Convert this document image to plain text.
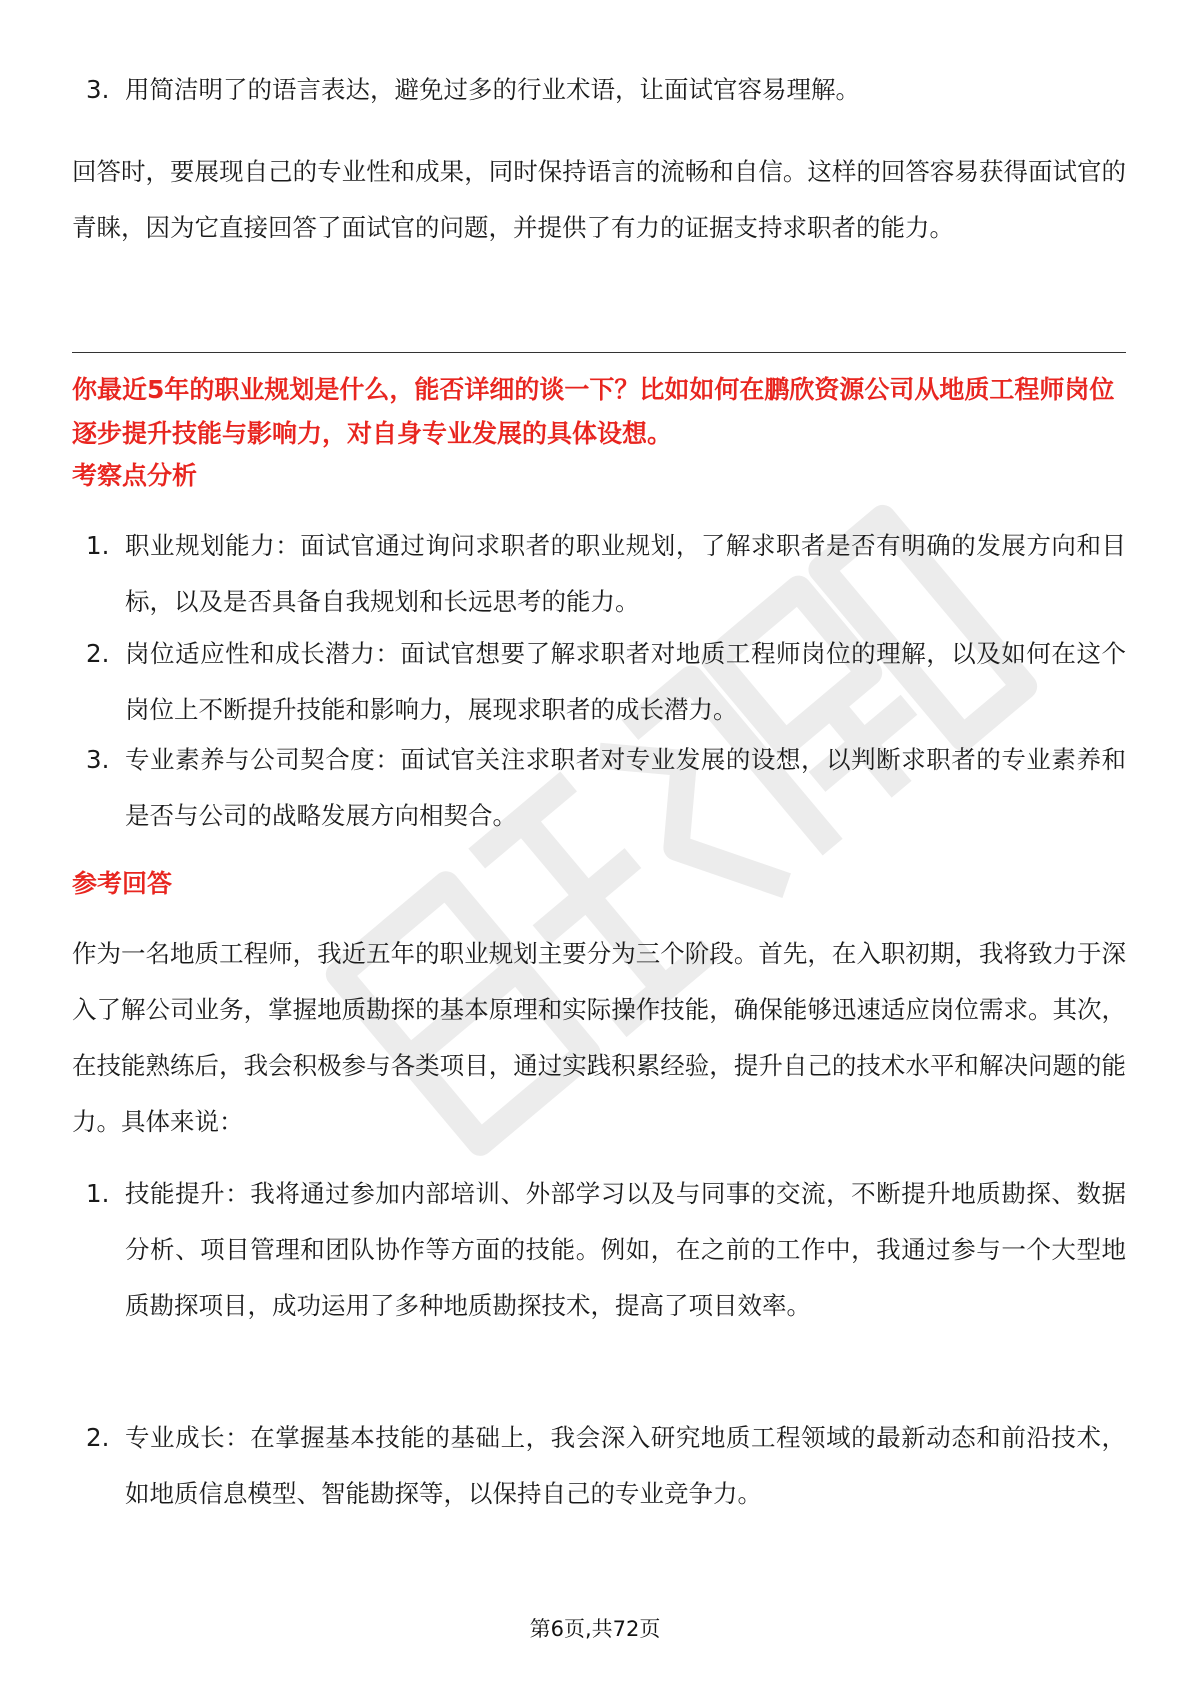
3. 用简洁明了的语言表达，避免过多的行业术语，让面试官容易理解。
回答时，要展现自己的专业性和成果，同时保持语言的流畅和自信。这样的回答容易获得面试官的青睐，因为它直接回答了面试官的问题，并提供了有力的证据支持求职者的能力。
你最近5年的职业规划是什么，能否详细的谈一下？比如如何在鹏欣资源公司从地质工程师岗位逐步提升技能与影响力，对自身专业发展的具体设想。
考察点分析
1. 职业规划能力：面试官通过询问求职者的职业规划，了解求职者是否有明确的发展方向和目标，以及是否具备自我规划和长远思考的能力。
2. 岗位适应性和成长潜力：面试官想要了解求职者对地质工程师岗位的理解，以及如何在这个岗位上不断提升技能和影响力，展现求职者的成长潜力。
3. 专业素养与公司契合度：面试官关注求职者对专业发展的设想，以判断求职者的专业素养和是否与公司的战略发展方向相契合。
参考回答
作为一名地质工程师，我近五年的职业规划主要分为三个阶段。首先，在入职初期，我将致力于深入了解公司业务，掌握地质勘探的基本原理和实际操作技能，确保能够迅速适应岗位需求。其次，在技能熟练后，我会积极参与各类项目，通过实践积累经验，提升自己的技术水平和解决问题的能力。具体来说：
1. 技能提升：我将通过参加内部培训、外部学习以及与同事的交流，不断提升地质勘探、数据分析、项目管理和团队协作等方面的技能。例如，在之前的工作中，我通过参与一个大型地质勘探项目，成功运用了多种地质勘探技术，提高了项目效率。
2. 专业成长：在掌握基本技能的基础上，我会深入研究地质工程领域的最新动态和前沿技术，如地质信息模型、智能勘探等，以保持自己的专业竞争力。
第6页,共72页
